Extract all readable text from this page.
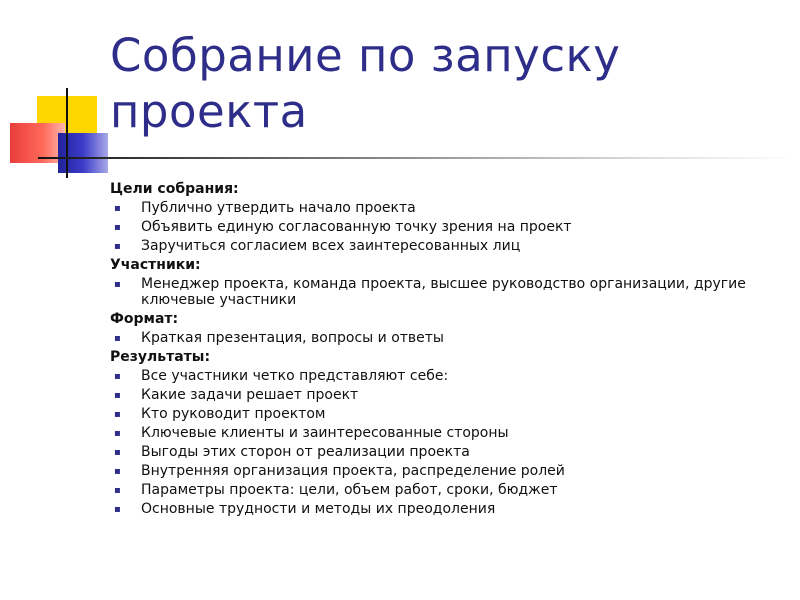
Собрание по запуску проекта

Цели собрания:

▪ Публично утвердить начало проекта
▪ Объявить единую согласованную точку зрения на проект
▪ Заручиться согласием всех заинтересованных лиц

Участники:

▪ Менеджер проекта, команда проекта, высшее руководство организации, другие ключевые участники

Формат:

▪ Краткая презентация, вопросы и ответы

Результаты:

▪ Все участники четко представляют себе:
▪ Какие задачи решает проект
▪ Кто руководит проектом
▪ Ключевые клиенты и заинтересованные стороны
▪ Выгоды этих сторон от реализации проекта
▪ Внутренняя организация проекта, распределение ролей
▪ Параметры проекта: цели, объем работ, сроки, бюджет
▪ Основные трудности и методы их преодоления
